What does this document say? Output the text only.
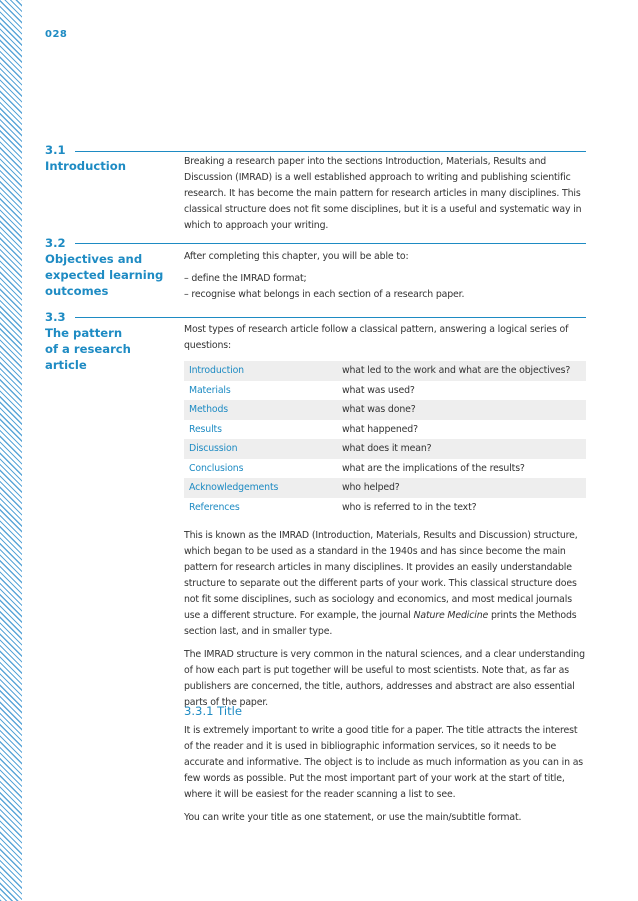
028
3.1
Introduction	Breaking a research paper into the sections Introduction, Materials, Results and Discussion (IMRAD) is a well established approach to writing and publishing scientific research. It has become the main pattern for research articles in many disciplines. This classical structure does not fit some disciplines, but it is a useful and systematic way in which to approach your writing.

3.2
Objectives and
expected learning
outcomes

After completing this chapter, you will be able to:

– define the IMRAD format;

– recognise what belongs in each section of a research paper.

3.3
The pattern
of a research
article

Most types of research article follow a classical pattern, answering a logical series of questions:

Introduction	what led to the work and what are the objectives?
Materials	what was used?
Methods	what was done?
Results	what happened?
Discussion	what does it mean?
Conclusions	what are the implications of the results?
Acknowledgements	who helped?
References	who is referred to in the text?

This is known as the IMRAD (Introduction, Materials, Results and Discussion) structure, which began to be used as a standard in the 1940s and has since become the main pattern for research articles in many disciplines. It provides an easily understandable structure to separate out the different parts of your work. This classical structure does not fit some disciplines, such as sociology and economics, and most medical journals use a different structure. For example, the journal Nature Medicine prints the Methods section last, and in smaller type.

The IMRAD structure is very common in the natural sciences, and a clear understanding of how each part is put together will be useful to most scientists. Note that, as far as publishers are concerned, the title, authors, addresses and abstract are also essential parts of the paper.

3.3.1 Title

It is extremely important to write a good title for a paper. The title attracts the interest of the reader and it is used in bibliographic information services, so it needs to be accurate and informative. The object is to include as much information as you can in as few words as possible. Put the most important part of your work at the start of title, where it will be easiest for the reader scanning a list to see.

You can write your title as one statement, or use the main/subtitle format.
